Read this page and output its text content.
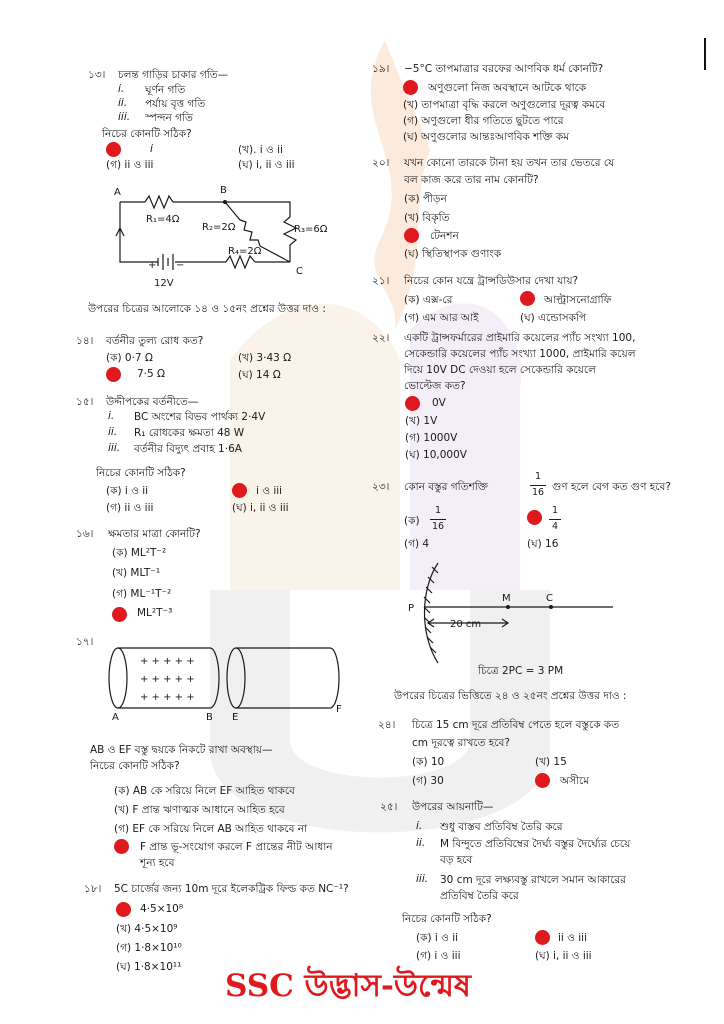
১৩। চলন্ত গাড়ির চাকার গতি—
i. ঘূর্ণন গতি
ii. পর্যায় বৃত্ত গতি
iii. স্পন্দন গতি
নিচের কোনটি সঠিক?
i	(খ). i ও ii
(গ) ii ও iii	(ঘ) i, ii ও iii
A	B
C
R₁=4Ω
R₂=2Ω	R₃=6Ω
R₄=2Ω
+ −
12V
উপরের চিত্রের আলোকে ১৪ ও ১৫নং প্রশ্নের উত্তর দাও :
১৪। বর্তনীর তুল্য রোধ কত?
(ক) 0·7 Ω	(খ) 3·43 Ω
7·5 Ω	(ঘ) 14 Ω
১৫। উদ্দীপকের বর্তনীতে—
i. BC অংশের বিভব পার্থক্য 2·4V
ii. R₁ রোধকের ক্ষমতা 48 W
iii. বর্তনীর বিদ্যুৎ প্রবাহ 1·6A
নিচের কোনটি সঠিক?
(ক) i ও ii	i ও iii
(গ) ii ও iii	(ঘ) i, ii ও iii
১৬। ক্ষমতার মাত্রা কোনটি?
(ক) ML²T⁻²
(খ) MLT⁻¹
(গ) ML⁻¹T⁻²
ML²T⁻³
১৭।
+ + + + +
+ + + + +
+ + + + +
A	B E
F
AB ও EF বস্তু দ্বয়কে নিকটে রাখা অবস্থায়—
নিচের কোনটি সঠিক?
(ক) AB কে সরিয়ে নিলে EF আহিত থাকবে
(খ) F প্রান্ত ঋণাত্মক আধানে আহিত হবে
(গ) EF কে সরিয়ে নিলে AB আহিত থাকবে না
F প্রান্ত ভূ-সংযোগ করলে F প্রান্তের নীট আধান
শূন্য হবে
১৮। 5C চার্জের জন্য 10m দূরে ইলেকট্রিক ফিল্ড কত NC⁻¹?
4·5×10⁸
(খ) 4·5×10⁹
(গ) 1·8×10¹⁰
(ঘ) 1·8×10¹¹
১৯। −5°C তাপমাত্রার বরফের আণবিক ধর্ম কোনটি?
অণুগুলো নিজ অবস্থানে আটকে থাকে
(খ) তাপমাত্রা বৃদ্ধি করলে অণুগুলোর দূরত্ব কমবে
(গ) অণুগুলো ধীর গতিতে ছুটতে পারে
(ঘ) অণুগুলোর আন্তঃআণবিক শক্তি কম
২০। যখন কোনো তারকে টানা হয় তখন তার ভেতরে যে
বল কাজ করে তার নাম কোনটি?
(ক) পীড়ন
(খ) বিকৃতি
টেনশন
(ঘ) স্থিতিস্থাপক গুণাংক
২১। নিচের কোন যন্ত্রে ট্রান্সডিউসার দেখা যায়?
(ক) এক্স-রে	আল্ট্রাসনোগ্রাফি
(গ) এম আর আই	(ঘ) এন্ডোসকপি
২২। একটি ট্রান্সফর্মারের প্রাইমারি কয়েলের প্যাঁচ সংখ্যা 100,
সেকেন্ডারি কয়েলের প্যাঁচ সংখ্যা 1000, প্রাইমারি কয়েল
দিয়ে 10V DC দেওয়া হলে সেকেন্ডারি কয়েলে
ভোল্টেজ কত?
0V
(খ) 1V
(গ) 1000V
(ঘ) 10,000V
২৩। কোন বস্তুর গতিশক্তি
1
16 গুণ হলে বেগ কত গুণ হবে?
(ক)
1
16
1
4
(গ) 4	(ঘ) 16
P
M	C
20 cm
চিত্রে 2PC = 3 PM
উপরের চিত্রের ভিত্তিতে ২৪ ও ২৫নং প্রশ্নের উত্তর দাও :
২৪। চিত্রে 15 cm দূরে প্রতিবিম্ব পেতে হলে বস্তুকে কত
cm দূরত্বে রাখতে হবে?
(ক) 10	(খ) 15
(গ) 30	অসীমে
২৫। উপরের আয়নাটি—
i. শুধু বাস্তব প্রতিবিম্ব তৈরি করে
ii. M বিন্দুতে প্রতিবিম্বের দৈর্ঘ্য বস্তুর দৈর্ঘ্যের চেয়ে
বড় হবে
iii. 30 cm দূরে লক্ষ্যবস্তু রাখলে সমান আকারের
প্রতিবিম্ব তৈরি করে
নিচের কোনটি সঠিক?
(ক) i ও ii	ii ও iii
(গ) i ও iii	(ঘ) i, ii ও iii
SSC উদ্ভাস-উন্মেষ
